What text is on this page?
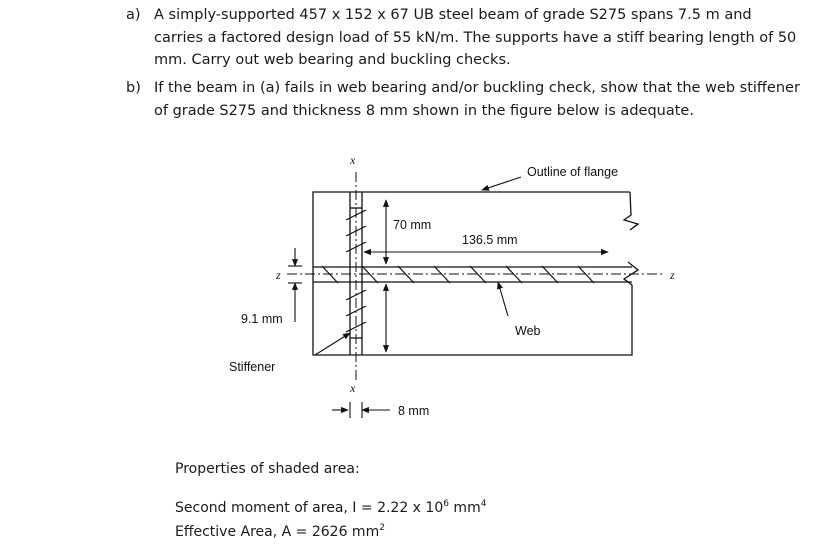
a) A simply-supported 457 x 152 x 67 UB steel beam of grade S275 spans 7.5 m and carries a factored design load of 55 kN/m. The supports have a stiff bearing length of 50 mm. Carry out web bearing and buckling checks.
b) If the beam in (a) fails in web bearing and/or buckling check, show that the web stiffener of grade S275 and thickness 8 mm shown in the figure below is adequate.
x
x
z	z
9.1 mm
70 mm
136.5 mm
Outline of flange
Web
Stiffener
8 mm
Properties of shaded area:
Second moment of area, I = 2.22 x $10^6$ $mm^4$
Effective Area, A = 2626 $mm^2$
